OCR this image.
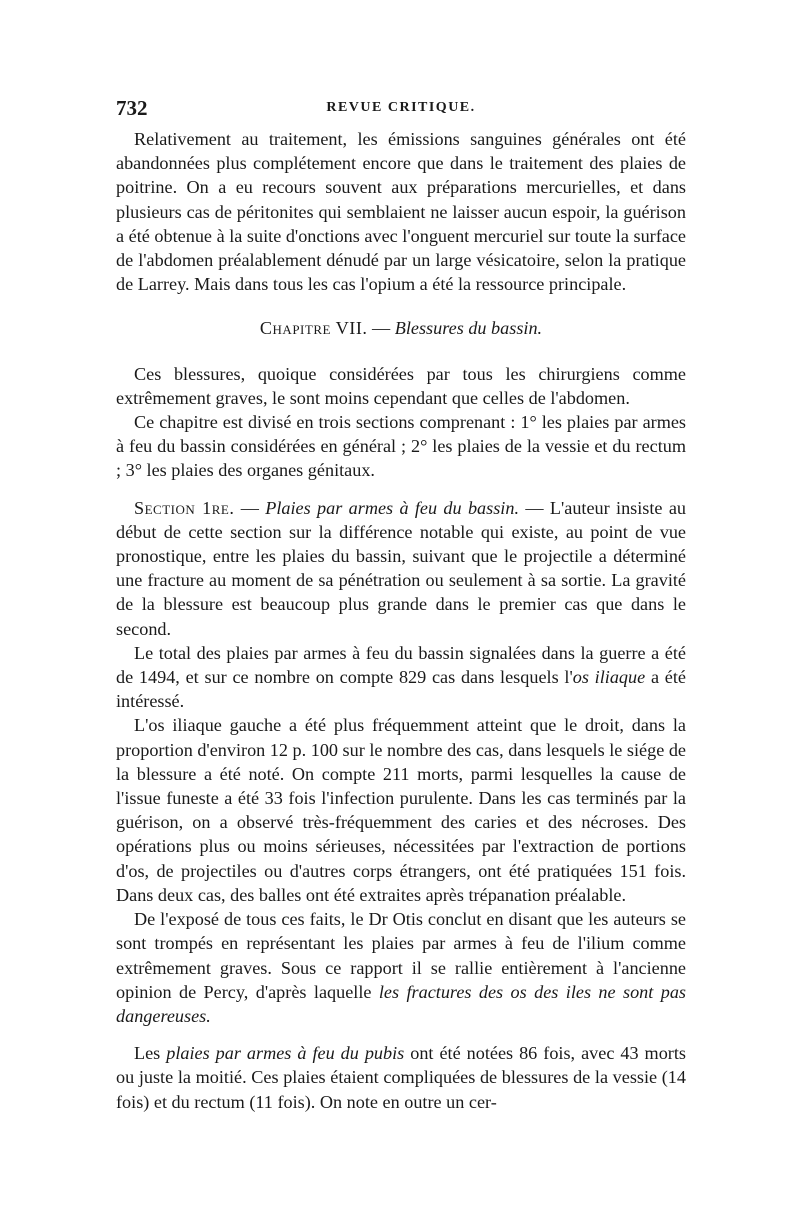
732	REVUE CRITIQUE.

Relativement au traitement, les émissions sanguines générales ont été abandonnées plus complétement encore que dans le traitement des plaies de poitrine. On a eu recours souvent aux préparations mercurielles, et dans plusieurs cas de péritonites qui semblaient ne laisser aucun espoir, la guérison a été obtenue à la suite d'onctions avec l'onguent mercuriel sur toute la surface de l'abdomen préalablement dénudé par un large vésicatoire, selon la pratique de Larrey. Mais dans tous les cas l'opium a été la ressource principale.

Chapitre VII. — Blessures du bassin.

Ces blessures, quoique considérées par tous les chirurgiens comme extrêmement graves, le sont moins cependant que celles de l'abdomen.

Ce chapitre est divisé en trois sections comprenant : 1° les plaies par armes à feu du bassin considérées en général ; 2° les plaies de la vessie et du rectum ; 3° les plaies des organes génitaux.

Section 1re. — Plaies par armes à feu du bassin. — L'auteur insiste au début de cette section sur la différence notable qui existe, au point de vue pronostique, entre les plaies du bassin, suivant que le projectile a déterminé une fracture au moment de sa pénétration ou seulement à sa sortie. La gravité de la blessure est beaucoup plus grande dans le premier cas que dans le second.

Le total des plaies par armes à feu du bassin signalées dans la guerre a été de 1494, et sur ce nombre on compte 829 cas dans lesquels l'os iliaque a été intéressé.

L'os iliaque gauche a été plus fréquemment atteint que le droit, dans la proportion d'environ 12 p. 100 sur le nombre des cas, dans lesquels le siége de la blessure a été noté. On compte 211 morts, parmi lesquelles la cause de l'issue funeste a été 33 fois l'infection purulente. Dans les cas terminés par la guérison, on a observé très-fréquemment des caries et des nécroses. Des opérations plus ou moins sérieuses, nécessitées par l'extraction de portions d'os, de projectiles ou d'autres corps étrangers, ont été pratiquées 151 fois. Dans deux cas, des balles ont été extraites après trépanation préalable.

De l'exposé de tous ces faits, le Dr Otis conclut en disant que les auteurs se sont trompés en représentant les plaies par armes à feu de l'ilium comme extrêmement graves. Sous ce rapport il se rallie entièrement à l'ancienne opinion de Percy, d'après laquelle les fractures des os des iles ne sont pas dangereuses.

Les plaies par armes à feu du pubis ont été notées 86 fois, avec 43 morts ou juste la moitié. Ces plaies étaient compliquées de blessures de la vessie (14 fois) et du rectum (11 fois). On note en outre un cer-
